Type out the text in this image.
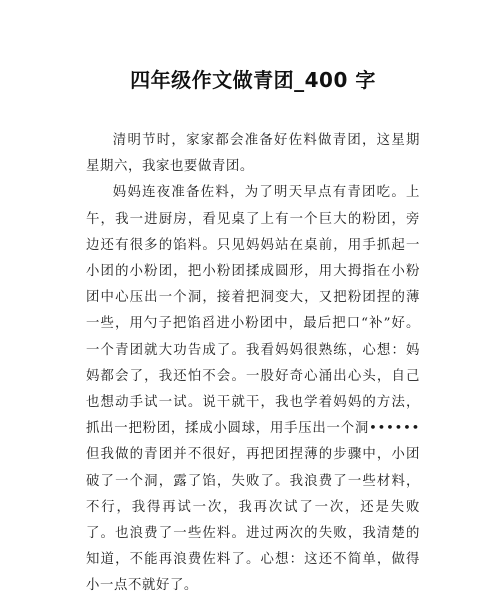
四年级作文做青团_400 字

清明节时，家家都会准备好佐料做青团，这星期星期六，我家也要做青团。

妈妈连夜准备佐料，为了明天早点有青团吃。上午，我一进厨房，看见桌了上有一个巨大的粉团，旁边还有很多的馅料。只见妈妈站在桌前，用手抓起一小团的小粉团，把小粉团揉成圆形，用大拇指在小粉团中心压出一个洞，接着把洞变大，又把粉团捏的薄一些，用勺子把馅舀进小粉团中，最后把口“补”好。一个青团就大功告成了。我看妈妈很熟练，心想：妈妈都会了，我还怕不会。一股好奇心涌出心头，自己也想动手试一试。说干就干，我也学着妈妈的方法，抓出一把粉团，揉成小圆球，用手压出一个洞••••••但我做的青团并不很好，再把团捏薄的步骤中，小团破了一个洞，露了馅，失败了。我浪费了一些材料，不行，我得再试一次，我再次试了一次，还是失败了。也浪费了一些佐料。进过两次的失败，我清楚的知道，不能再浪费佐料了。心想：这还不简单，做得小一点不就好了。
